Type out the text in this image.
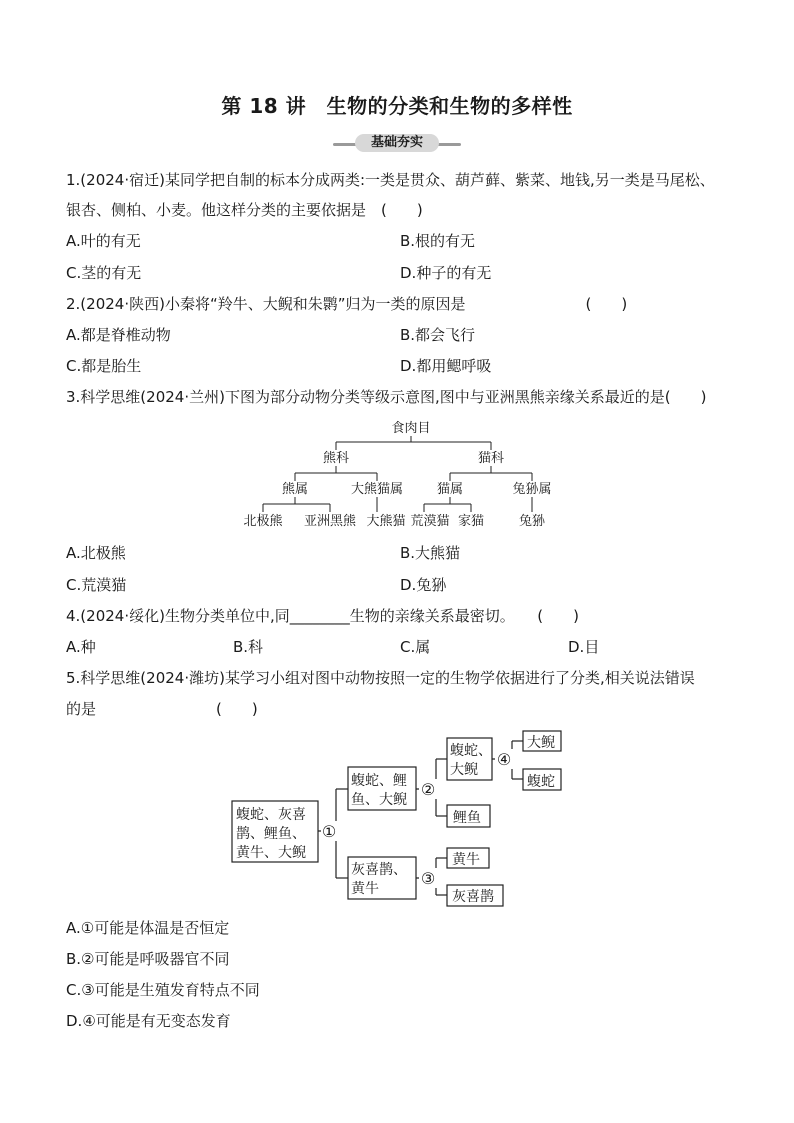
第 18 讲　生物的分类和生物的多样性
基础夯实
1.(2024·宿迁)某同学把自制的标本分成两类:一类是贯众、葫芦藓、紫菜、地钱,另一类是马尾松、
银杏、侧柏、小麦。他这样分类的主要依据是　(　　)
A.叶的有无	B.根的有无
C.茎的有无	D.种子的有无
2.(2024·陕西)小秦将“羚牛、大鲵和朱鹮”归为一类的原因是　　　　　　　　(　　)
A.都是脊椎动物	B.都会飞行
C.都是胎生	D.都用鳃呼吸
3.科学思维(2024·兰州)下图为部分动物分类等级示意图,图中与亚洲黑熊亲缘关系最近的是(　　)
食肉目
熊科	猫科
熊属	大熊猫属	猫属	兔狲属
北极熊 亚洲黑熊 大熊猫 荒漠猫 家猫	兔狲
A.北极熊	B.大熊猫
C.荒漠猫	D.兔狲
4.(2024·绥化)生物分类单位中,同________生物的亲缘关系最密切。　　(　　)
A.种	B.科	C.属	D.目
5.科学思维(2024·潍坊)某学习小组对图中动物按照一定的生物学依据进行了分类,相关说法错误
的是　　　　　　　　(　　)
①
②
④
③
蝮蛇、灰喜
鹊、鲤鱼、
黄牛、大鲵
蝮蛇、鲤
鱼、大鲵
灰喜鹊、
黄牛
蝮蛇、
大鲵
鲤鱼
大鲵
蝮蛇
黄牛
灰喜鹊
A.①可能是体温是否恒定
B.②可能是呼吸器官不同
C.③可能是生殖发育特点不同
D.④可能是有无变态发育
